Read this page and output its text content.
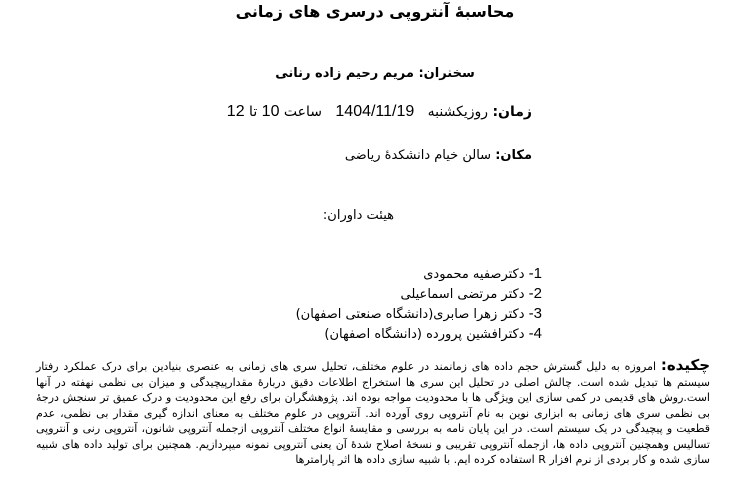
محاسبهٔ آنتروپی درسری های زمانی
سخنران: مریم رحیم زاده رنانی
زمان: روزیکشنبه   1404/11/19   ساعت 10 تا 12
مکان: سالن خیام دانشکدهٔ ریاضی
هیئت داوران:
1- دکترصفیه محمودی
2- دکتر مرتضی اسماعیلی
3- دکتر زهرا صابری(دانشگاه صنعتی اصفهان)
4- دکترافشین پرورده (دانشگاه اصفهان)
چکیده: امروزه به دلیل گسترش حجم داده های زمانمند در علوم مختلف، تحلیل سری های زمانی به عنصری بنیادین برای درک عملکرد رفتار سیستم ها تبدیل شده است. چالش اصلی در تحلیل این سری ها استخراج اطلاعات دقیق دربارهٔ مقدارپیچیدگی و میزان بی نظمی نهفته در آنها است.روش های قدیمی در کمی سازی این ویژگی ها با محدودیت مواجه بوده اند. پژوهشگران برای رفع این محدودیت و درک عمیق تر سنجش درجهٔ بی نظمی سری های زمانی به ابزاری نوین به نام آنتروپی روی آورده اند. آنتروپی در علوم مختلف به معنای اندازه گیری مقدار بی نظمی، عدم قطعیت و پیچیدگی در یک سیستم است. در این پایان نامه به بررسی و مقایسهٔ انواع مختلف آنتروپی ازجمله آنتروپی شانون، آنتروپی رنی و آنتروپی تسالیس وهمچنین آنتروپی داده ها، ازجمله آنتروپی تقریبی و نسخهٔ اصلاح شدهٔ آن یعنی آنتروپی نمونه میپردازیم. همچنین برای تولید داده های شبیه سازی شده و کار بردی از نرم افزار R استفاده کرده ایم. با شبیه سازی داده ها اثر پارامترها
